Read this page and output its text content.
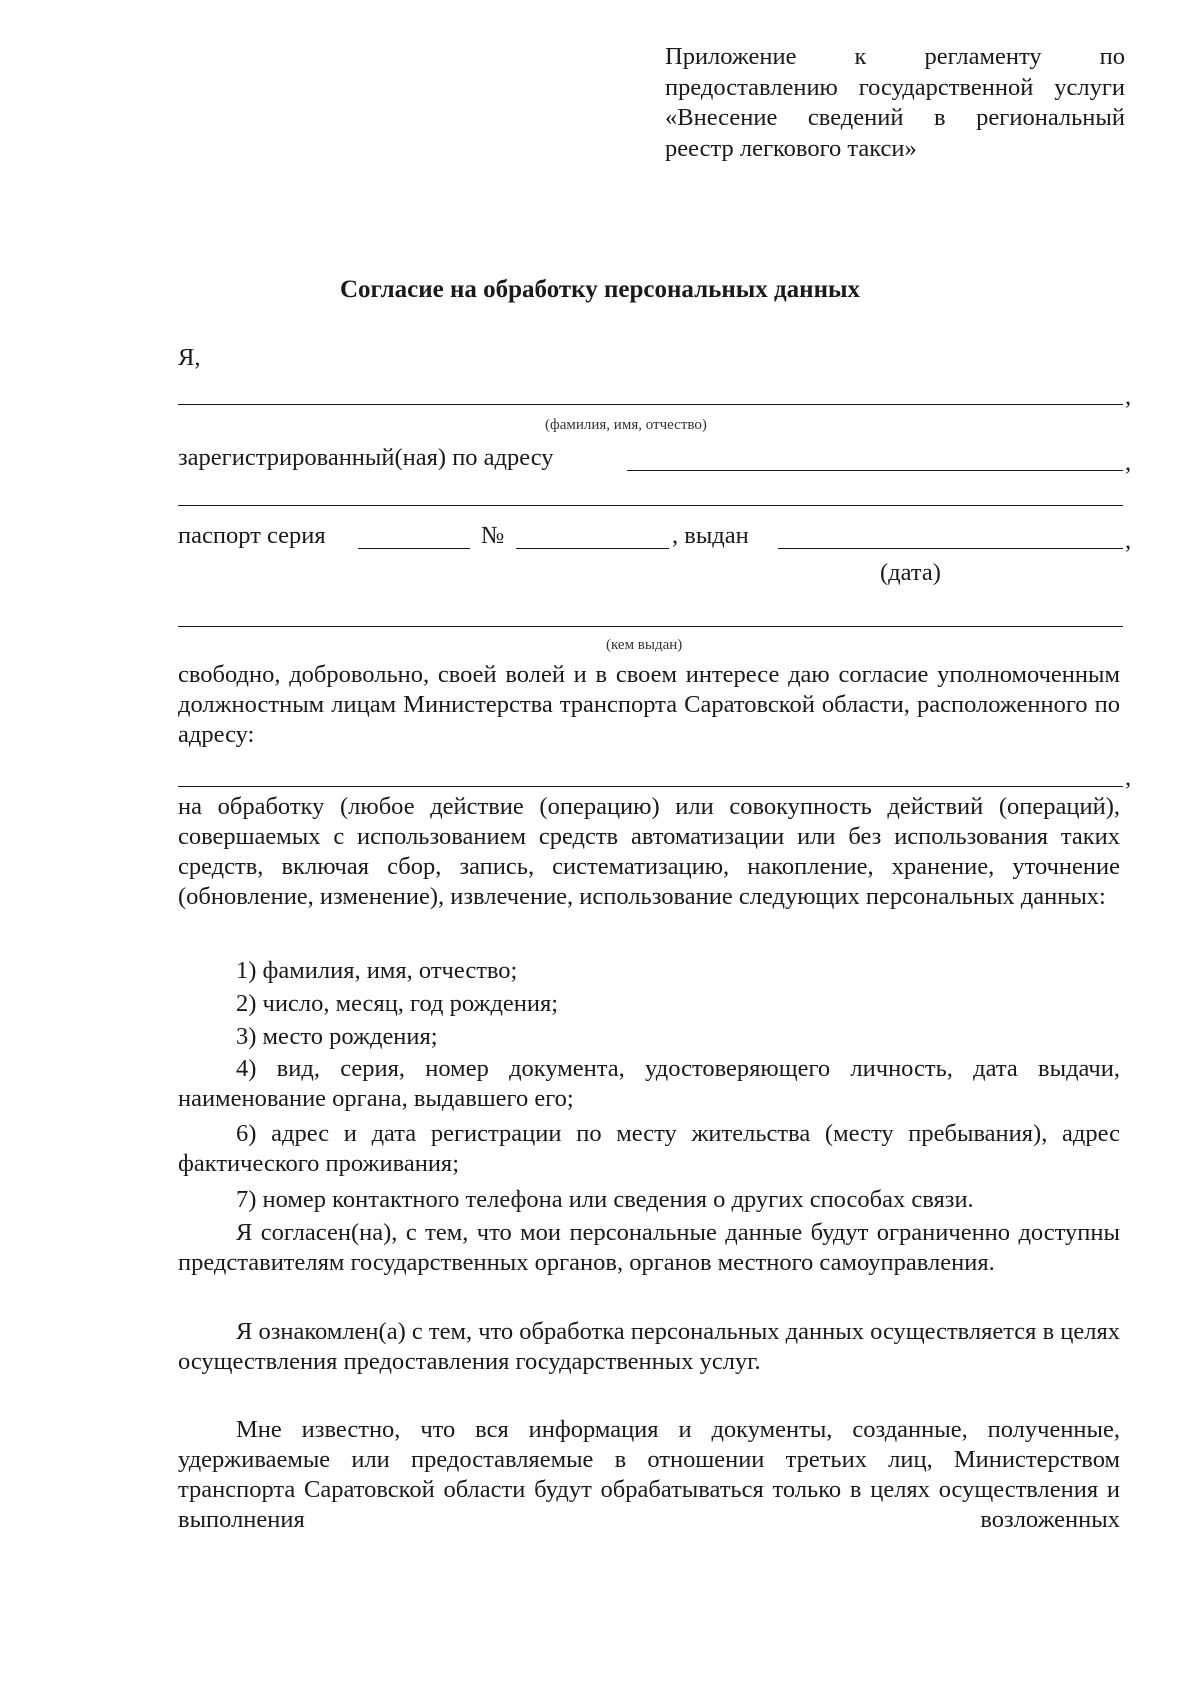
Приложение к регламенту по предоставлению государственной услуги «Внесение сведений в региональный реестр легкового такси»
Согласие на обработку персональных данных
Я,
,
(фамилия, имя, отчество)
зарегистрированный(ная) по адресу	,
паспорт серия	№	, выдан	,
(дата)
(кем выдан)
свободно, добровольно, своей волей и в своем интересе даю согласие уполномоченным должностным лицам Министерства транспорта Саратовской области, расположенного по адресу:
,
на обработку (любое действие (операцию) или совокупность действий (операций), совершаемых с использованием средств автоматизации или без использования таких средств, включая сбор, запись, систематизацию, накопление, хранение, уточнение (обновление, изменение), извлечение, использование следующих персональных данных:
1) фамилия, имя, отчество;
2) число, месяц, год рождения;
3) место рождения;
4) вид, серия, номер документа, удостоверяющего личность, дата выдачи, наименование органа, выдавшего его;
6) адрес и дата регистрации по месту жительства (месту пребывания), адрес фактического проживания;
7) номер контактного телефона или сведения о других способах связи.
Я согласен(на), с тем, что мои персональные данные будут ограниченно доступны представителям государственных органов, органов местного самоуправления.
Я ознакомлен(а) с тем, что обработка персональных данных осуществляется в целях осуществления предоставления государственных услуг.
Мне известно, что вся информация и документы, созданные, полученные, удерживаемые или предоставляемые в отношении третьих лиц, Министерством транспорта Саратовской области будут обрабатываться только в целях осуществления и выполнения возложенных
